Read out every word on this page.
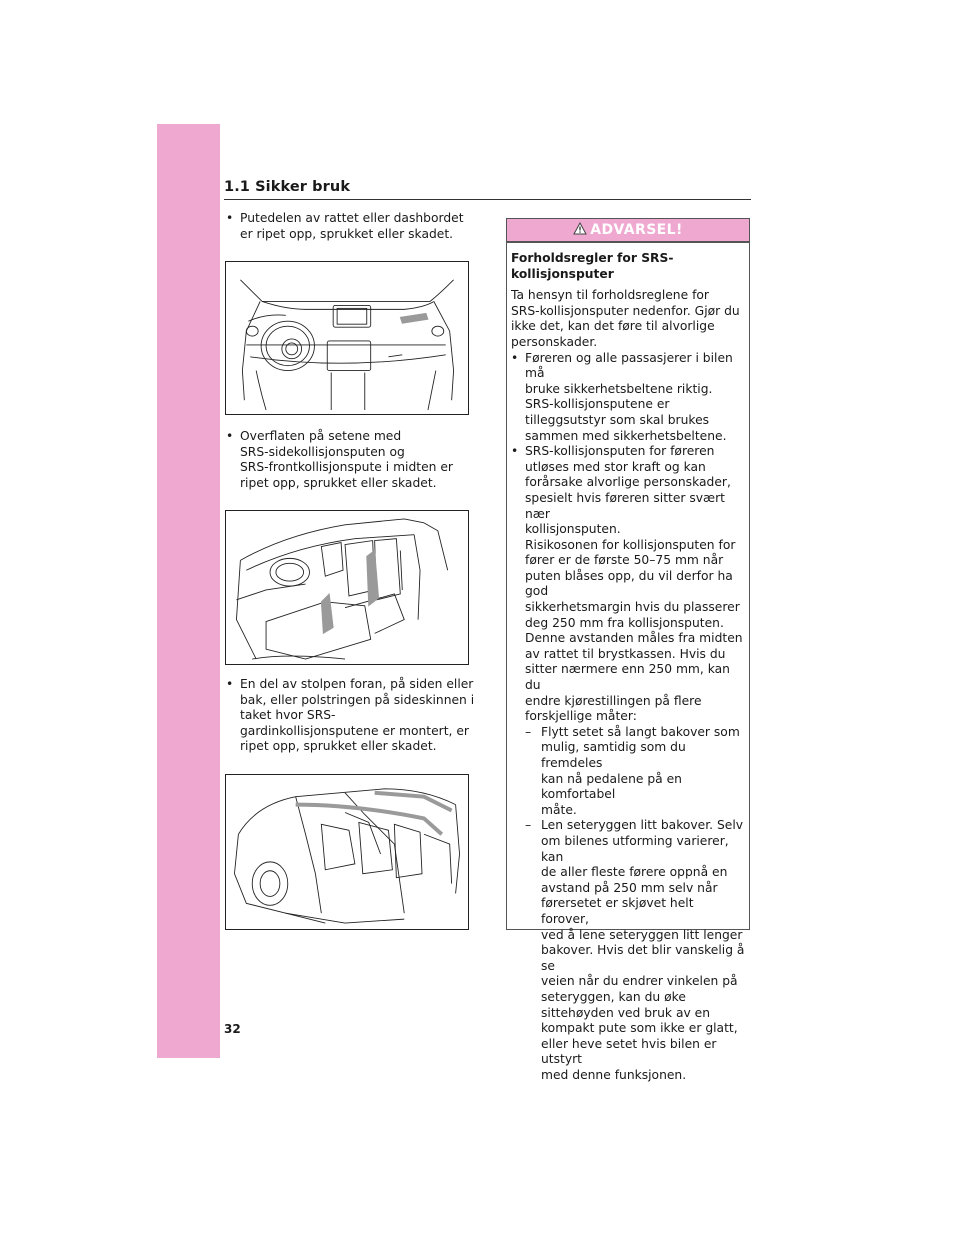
1.1 Sikker bruk
• Putedelen av rattet eller dashbordet
er ripet opp, sprukket eller skadet.
• Overflaten på setene med
SRS-sidekollisjonsputen og
SRS-frontkollisjonspute i midten er
ripet opp, sprukket eller skadet.
• En del av stolpen foran, på siden eller
bak, eller polstringen på sideskinnen i
taket hvor SRS-
gardinkollisjonsputene er montert, er
ripet opp, sprukket eller skadet.
ADVARSEL!
Forholdsregler for SRS-
kollisjonsputer
Ta hensyn til forholdsreglene for
SRS-kollisjonsputer nedenfor. Gjør du
ikke det, kan det føre til alvorlige
personskader.
• Føreren og alle passasjerer i bilen må
bruke sikkerhetsbeltene riktig.
SRS-kollisjonsputene er
tilleggsutstyr som skal brukes
sammen med sikkerhetsbeltene.
• SRS-kollisjonsputen for føreren
utløses med stor kraft og kan
forårsake alvorlige personskader,
spesielt hvis føreren sitter svært nær
kollisjonsputen.
Risikosonen for kollisjonsputen for
fører er de første 50–75 mm når
puten blåses opp, du vil derfor ha god
sikkerhetsmargin hvis du plasserer
deg 250 mm fra kollisjonsputen.
Denne avstanden måles fra midten
av rattet til brystkassen. Hvis du
sitter nærmere enn 250 mm, kan du
endre kjørestillingen på flere
forskjellige måter:
– Flytt setet så langt bakover som
mulig, samtidig som du fremdeles
kan nå pedalene på en komfortabel
måte.
– Len seteryggen litt bakover. Selv
om bilenes utforming varierer, kan
de aller fleste førere oppnå en
avstand på 250 mm selv når
førersetet er skjøvet helt forover,
ved å lene seteryggen litt lenger
bakover. Hvis det blir vanskelig å se
veien når du endrer vinkelen på
seteryggen, kan du øke
sittehøyden ved bruk av en
kompakt pute som ikke er glatt,
eller heve setet hvis bilen er utstyrt
med denne funksjonen.
32
